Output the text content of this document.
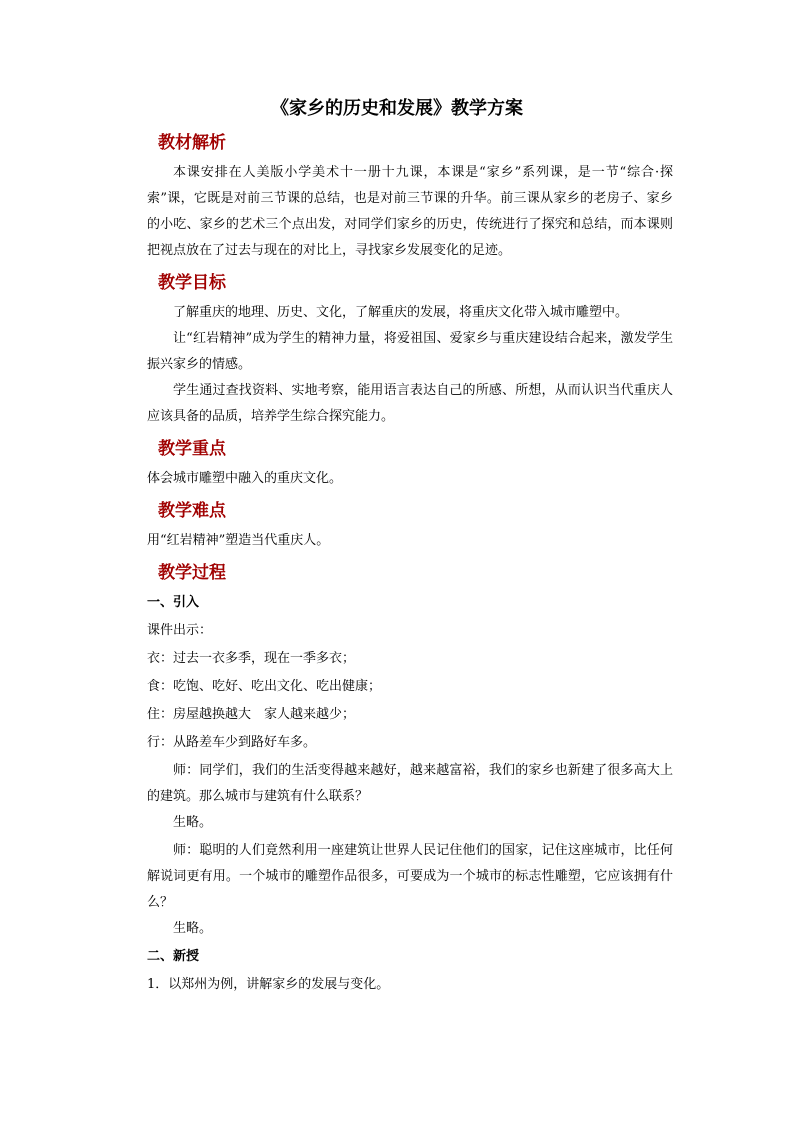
《家乡的历史和发展》教学方案
教材解析

本课安排在人美版小学美术十一册十九课，本课是“家乡”系列课，是一节“综合·探索”课，它既是对前三节课的总结，也是对前三节课的升华。前三课从家乡的老房子、家乡的小吃、家乡的艺术三个点出发，对同学们家乡的历史，传统进行了探究和总结，而本课则把视点放在了过去与现在的对比上，寻找家乡发展变化的足迹。

教学目标

了解重庆的地理、历史、文化，了解重庆的发展，将重庆文化带入城市雕塑中。

让“红岩精神”成为学生的精神力量，将爱祖国、爱家乡与重庆建设结合起来，激发学生振兴家乡的情感。

学生通过查找资料、实地考察，能用语言表达自己的所感、所想，从而认识当代重庆人应该具备的品质，培养学生综合探究能力。

教学重点

体会城市雕塑中融入的重庆文化。

教学难点

用“红岩精神”塑造当代重庆人。

教学过程

一、引入

课件出示：

衣：过去一衣多季，现在一季多衣；

食：吃饱、吃好、吃出文化、吃出健康；

住：房屋越换越大　家人越来越少；

行：从路差车少到路好车多。

师：同学们，我们的生活变得越来越好，越来越富裕，我们的家乡也新建了很多高大上的建筑。那么城市与建筑有什么联系？

生略。

师：聪明的人们竟然利用一座建筑让世界人民记住他们的国家，记住这座城市，比任何解说词更有用。一个城市的雕塑作品很多，可要成为一个城市的标志性雕塑，它应该拥有什么？

生略。

二、新授

1．以郑州为例，讲解家乡的发展与变化。
